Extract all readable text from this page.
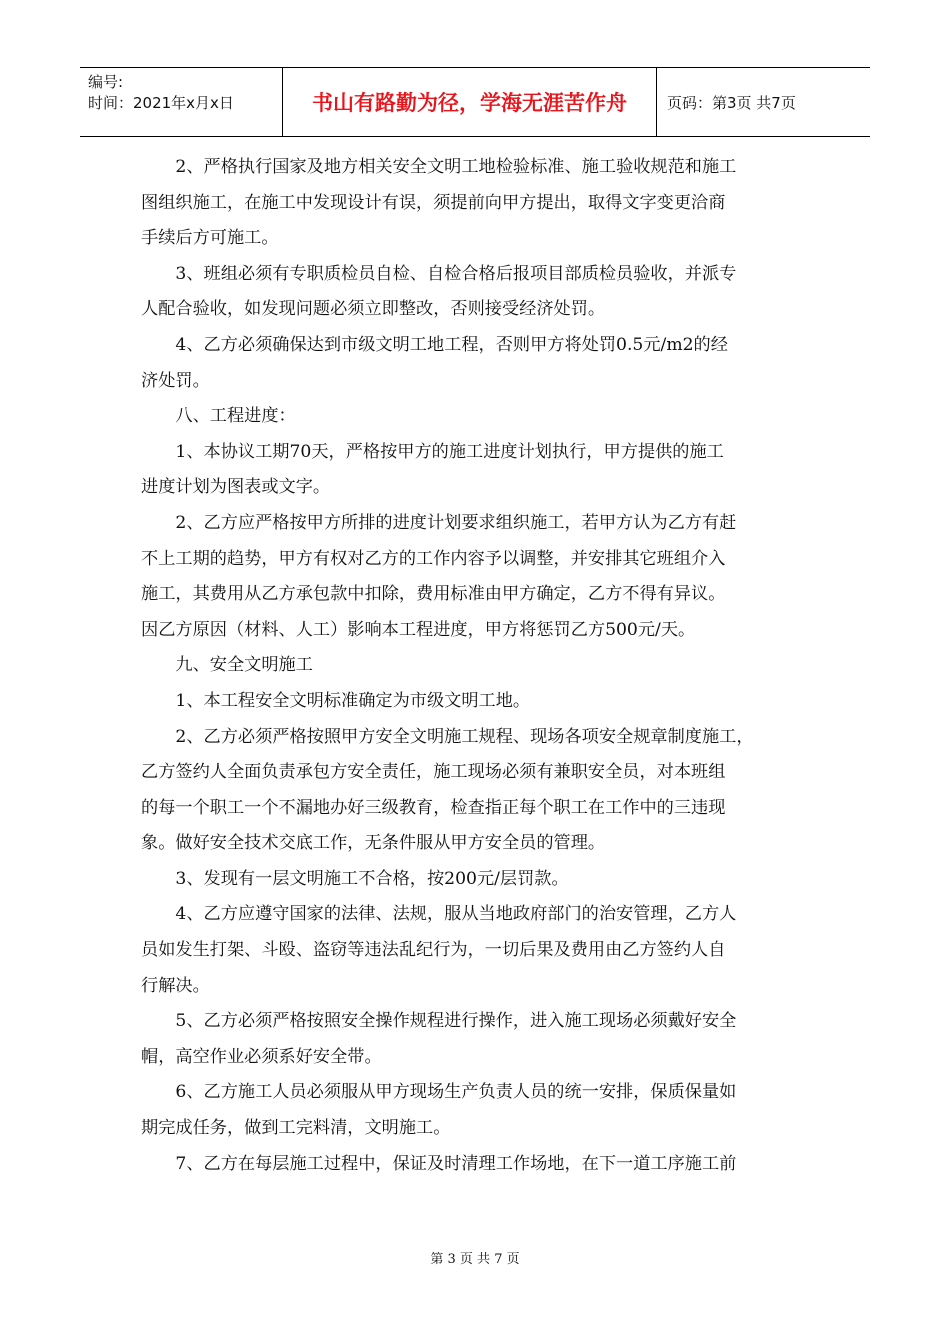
编号:
时间：2021年x月x日	书山有路勤为径，学海无涯苦作舟	页码：第3页 共7页

2、严格执行国家及地方相关安全文明工地检验标准、施工验收规范和施工

图组织施工，在施工中发现设计有误，须提前向甲方提出，取得文字变更洽商

手续后方可施工。

3、班组必须有专职质检员自检、自检合格后报项目部质检员验收，并派专

人配合验收，如发现问题必须立即整改，否则接受经济处罚。

4、乙方必须确保达到市级文明工地工程，否则甲方将处罚0.5元/m2的经

济处罚。

八、工程进度：

1、本协议工期70天，严格按甲方的施工进度计划执行，甲方提供的施工

进度计划为图表或文字。

2、乙方应严格按甲方所排的进度计划要求组织施工，若甲方认为乙方有赶

不上工期的趋势，甲方有权对乙方的工作内容予以调整，并安排其它班组介入

施工，其费用从乙方承包款中扣除，费用标准由甲方确定，乙方不得有异议。

因乙方原因（材料、人工）影响本工程进度，甲方将惩罚乙方500元/天。

九、安全文明施工

1、本工程安全文明标准确定为市级文明工地。

2、乙方必须严格按照甲方安全文明施工规程、现场各项安全规章制度施工，

乙方签约人全面负责承包方安全责任，施工现场必须有兼职安全员，对本班组

的每一个职工一个不漏地办好三级教育，检查指正每个职工在工作中的三违现

象。做好安全技术交底工作，无条件服从甲方安全员的管理。

3、发现有一层文明施工不合格，按200元/层罚款。

4、乙方应遵守国家的法律、法规，服从当地政府部门的治安管理，乙方人

员如发生打架、斗殴、盗窃等违法乱纪行为，一切后果及费用由乙方签约人自

行解决。

5、乙方必须严格按照安全操作规程进行操作，进入施工现场必须戴好安全

帽，高空作业必须系好安全带。

6、乙方施工人员必须服从甲方现场生产负责人员的统一安排，保质保量如

期完成任务，做到工完料清，文明施工。

7、乙方在每层施工过程中，保证及时清理工作场地，在下一道工序施工前

第 3 页 共 7 页
